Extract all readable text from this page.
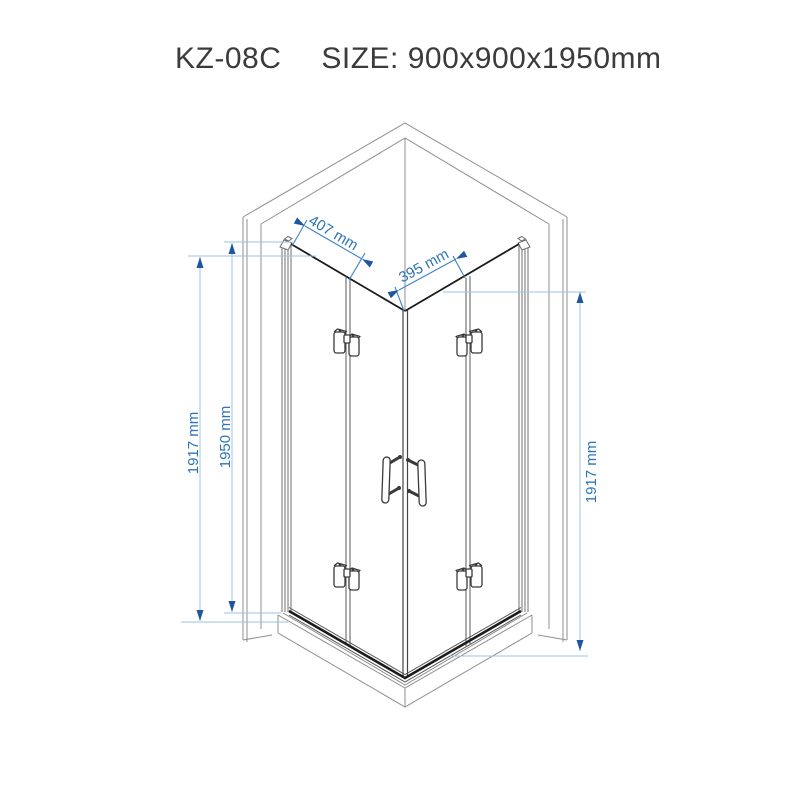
KZ-08C SIZE: 900x900x1950mm
1917 mm 1950 mm
1917 mm
407 mm
395 mm
